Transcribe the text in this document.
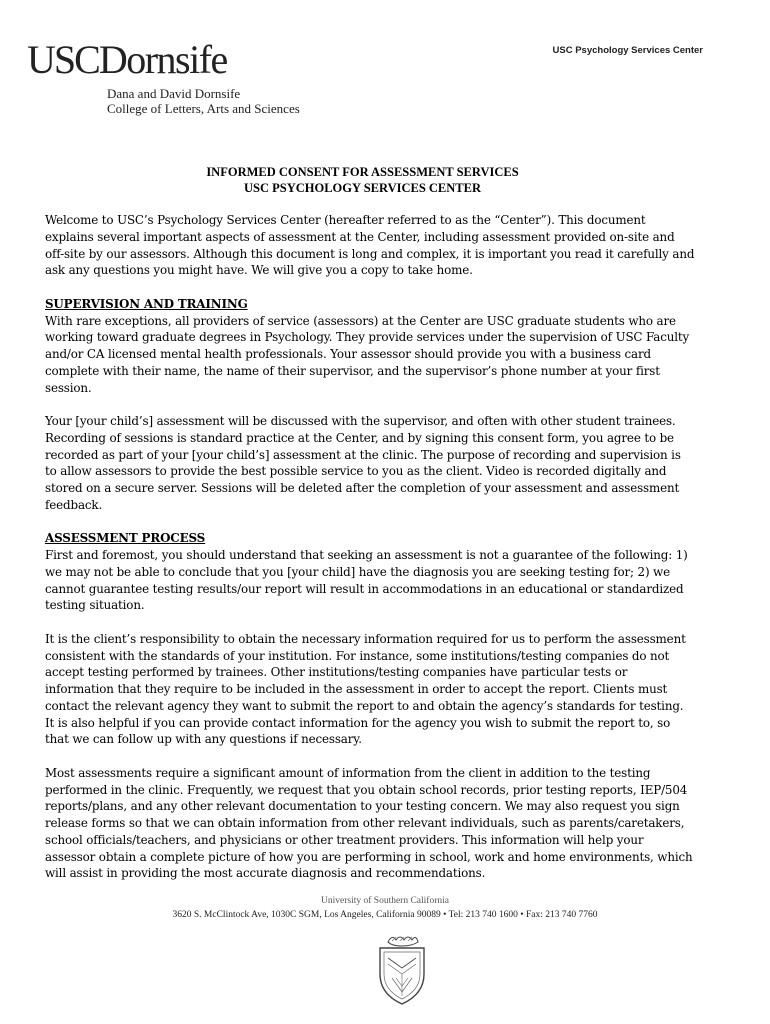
USCDornsife
Dana and David Dornsife
College of Letters, Arts and Sciences
USC Psychology Services Center
INFORMED CONSENT FOR ASSESSMENT SERVICES
USC PSYCHOLOGY SERVICES CENTER

Welcome to USC’s Psychology Services Center (hereafter referred to as the “Center”). This document explains several important aspects of assessment at the Center, including assessment provided on-site and off-site by our assessors. Although this document is long and complex, it is important you read it carefully and ask any questions you might have. We will give you a copy to take home.

SUPERVISION AND TRAINING
With rare exceptions, all providers of service (assessors) at the Center are USC graduate students who are working toward graduate degrees in Psychology. They provide services under the supervision of USC Faculty and/or CA licensed mental health professionals. Your assessor should provide you with a business card complete with their name, the name of their supervisor, and the supervisor’s phone number at your first session.

Your [your child’s] assessment will be discussed with the supervisor, and often with other student trainees. Recording of sessions is standard practice at the Center, and by signing this consent form, you agree to be recorded as part of your [your child’s] assessment at the clinic. The purpose of recording and supervision is to allow assessors to provide the best possible service to you as the client. Video is recorded digitally and stored on a secure server. Sessions will be deleted after the completion of your assessment and assessment feedback.

ASSESSMENT PROCESS
First and foremost, you should understand that seeking an assessment is not a guarantee of the following: 1) we may not be able to conclude that you [your child] have the diagnosis you are seeking testing for; 2) we cannot guarantee testing results/our report will result in accommodations in an educational or standardized testing situation.

It is the client’s responsibility to obtain the necessary information required for us to perform the assessment consistent with the standards of your institution. For instance, some institutions/testing companies do not accept testing performed by trainees. Other institutions/testing companies have particular tests or information that they require to be included in the assessment in order to accept the report. Clients must contact the relevant agency they want to submit the report to and obtain the agency’s standards for testing. It is also helpful if you can provide contact information for the agency you wish to submit the report to, so that we can follow up with any questions if necessary.

Most assessments require a significant amount of information from the client in addition to the testing performed in the clinic. Frequently, we request that you obtain school records, prior testing reports, IEP/504 reports/plans, and any other relevant documentation to your testing concern. We may also request you sign release forms so that we can obtain information from other relevant individuals, such as parents/caretakers, school officials/teachers, and physicians or other treatment providers. This information will help your assessor obtain a complete picture of how you are performing in school, work and home environments, which will assist in providing the most accurate diagnosis and recommendations.

University of Southern California
3620 S. McClintock Ave, 1030C SGM, Los Angeles, California 90089 • Tel: 213 740 1600 • Fax: 213 740 7760
